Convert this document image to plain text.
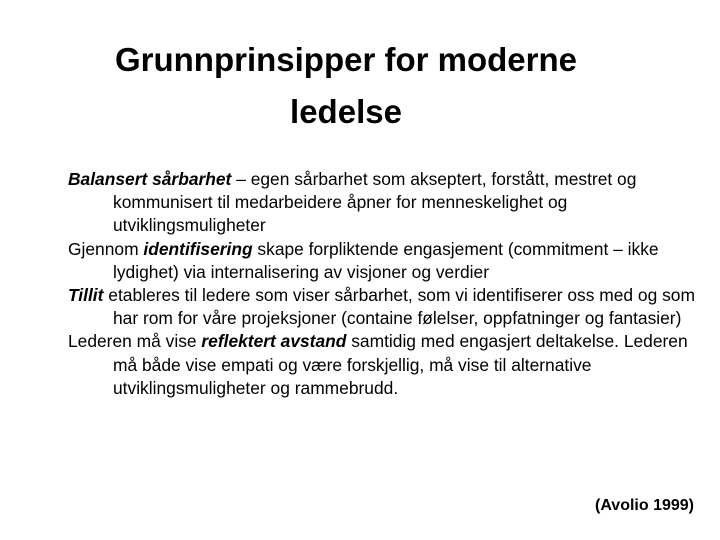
Grunnprinsipper for moderne
ledelse

Balansert sårbarhet – egen sårbarhet som akseptert, forstått, mestret og kommunisert til medarbeidere åpner for menneskelighet og utviklingsmuligheter

Gjennom identifisering skape forpliktende engasjement (commitment – ikke lydighet) via internalisering av visjoner og verdier

Tillit etableres til ledere som viser sårbarhet, som vi identifiserer oss med og som har rom for våre projeksjoner (containe følelser, oppfatninger og fantasier)

Lederen må vise reflektert avstand samtidig med engasjert deltakelse. Lederen må både vise empati og være forskjellig, må vise til alternative utviklingsmuligheter og rammebrudd.

(Avolio 1999)
